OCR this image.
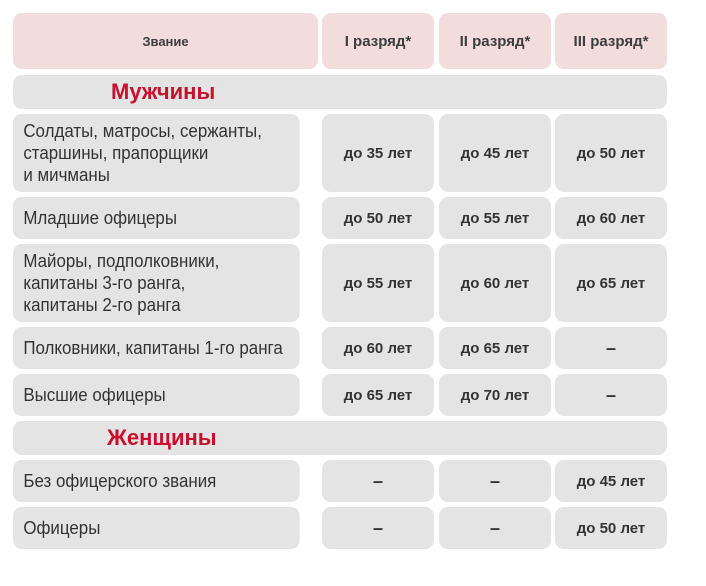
Звание	I разряд*	II разряд*	III разряд*
Мужчины
Солдаты, матросы, сержанты,
старшины, прапорщики
и мичманы
до 35 лет	до 45 лет	до 50 лет
Младшие офицеры	до 50 лет	до 55 лет	до 60 лет
Майоры, подполковники,
капитаны 3-го ранга,
капитаны 2-го ранга
до 55 лет	до 60 лет	до 65 лет
Полковники, капитаны 1-го ранга	до 60 лет	до 65 лет	–
Высшие офицеры	до 65 лет	до 70 лет	–
Женщины
Без офицерского звания	–	–	до 45 лет
Офицеры	–	–	до 50 лет
